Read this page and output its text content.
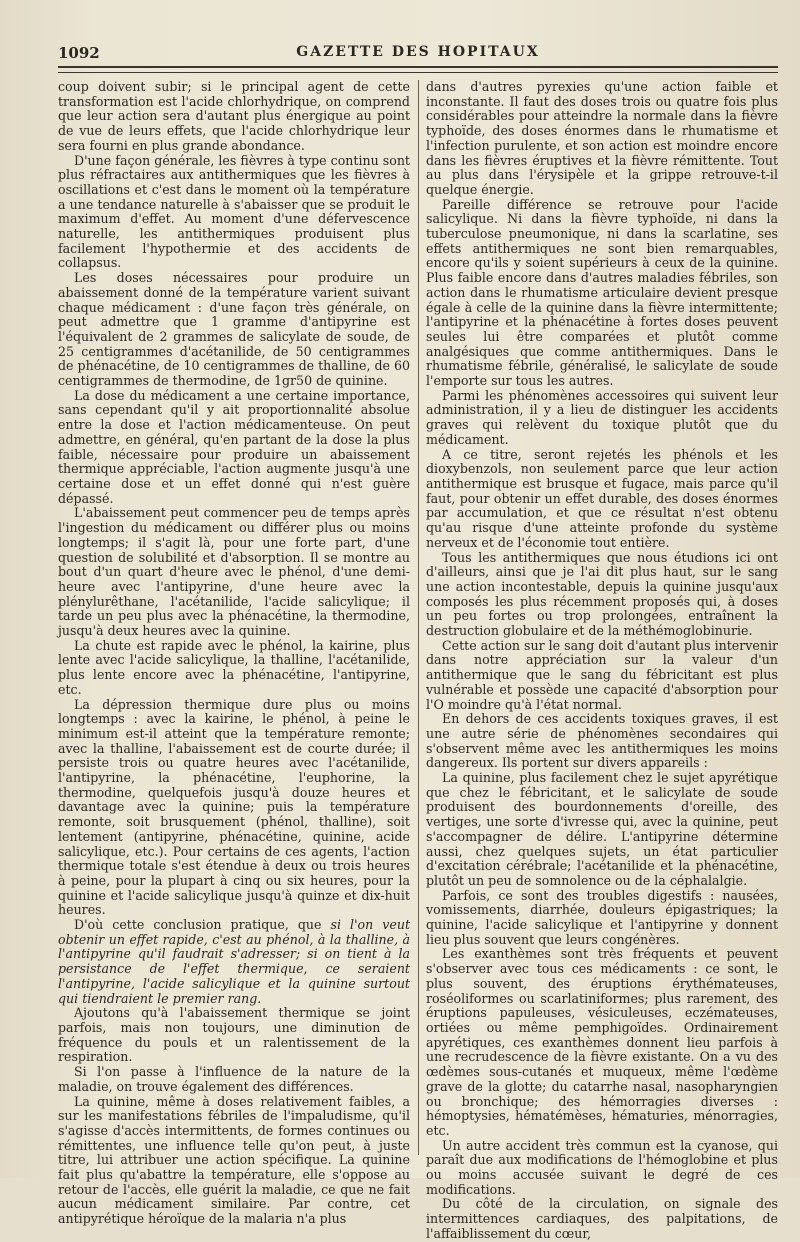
1092	GAZETTE DES HOPITAUX

coup doivent subir; si le principal agent de cette transformation est l'acide chlorhydrique, on comprend que leur action sera d'autant plus énergique au point de vue de leurs effets, que l'acide chlorhydrique leur sera fourni en plus grande abondance.

D'une façon générale, les fièvres à type continu sont plus réfractaires aux antithermiques que les fièvres à oscillations et c'est dans le moment où la température a une tendance naturelle à s'abaisser que se produit le maximum d'effet. Au moment d'une défervescence naturelle, les antithermiques produisent plus facilement l'hypothermie et des accidents de collapsus.

Les doses nécessaires pour produire un abaissement donné de la température varient suivant chaque médicament : d'une façon très générale, on peut admettre que 1 gramme d'antipyrine est l'équivalent de 2 grammes de salicylate de soude, de 25 centigrammes d'acétanilide, de 50 centigrammes de phénacétine, de 10 centigrammes de thalline, de 60 centigrammes de thermodine, de 1gr50 de quinine.

La dose du médicament a une certaine importance, sans cependant qu'il y ait proportionnalité absolue entre la dose et l'action médicamenteuse. On peut admettre, en général, qu'en partant de la dose la plus faible, nécessaire pour produire un abaissement thermique appréciable, l'action augmente jusqu'à une certaine dose et un effet donné qui n'est guère dépassé.

L'abaissement peut commencer peu de temps après l'ingestion du médicament ou différer plus ou moins longtemps; il s'agit là, pour une forte part, d'une question de solubilité et d'absorption. Il se montre au bout d'un quart d'heure avec le phénol, d'une demi-heure avec l'antipyrine, d'une heure avec la plénylurêthane, l'acétanilide, l'acide salicylique; il tarde un peu plus avec la phénacétine, la thermodine, jusqu'à deux heures avec la quinine.

La chute est rapide avec le phénol, la kairine, plus lente avec l'acide salicylique, la thalline, l'acétanilide, plus lente encore avec la phénacétine, l'antipyrine, etc.

La dépression thermique dure plus ou moins longtemps : avec la kairine, le phénol, à peine le minimum est-il atteint que la température remonte; avec la thalline, l'abaissement est de courte durée; il persiste trois ou quatre heures avec l'acétanilide, l'antipyrine, la phénacétine, l'euphorine, la thermodine, quelquefois jusqu'à douze heures et davantage avec la quinine; puis la température remonte, soit brusquement (phénol, thalline), soit lentement (antipyrine, phénacétine, quinine, acide salicylique, etc.). Pour certains de ces agents, l'action thermique totale s'est étendue à deux ou trois heures à peine, pour la plupart à cinq ou six heures, pour la quinine et l'acide salicylique jusqu'à quinze et dix-huit heures.

D'où cette conclusion pratique, que si l'on veut obtenir un effet rapide, c'est au phénol, à la thalline, à l'antipyrine qu'il faudrait s'adresser; si on tient à la persistance de l'effet thermique, ce seraient l'antipyrine, l'acide salicylique et la quinine surtout qui tiendraient le premier rang.

Ajoutons qu'à l'abaissement thermique se joint parfois, mais non toujours, une diminution de fréquence du pouls et un ralentissement de la respiration.

Si l'on passe à l'influence de la nature de la maladie, on trouve également des différences.

La quinine, même à doses relativement faibles, a sur les manifestations fébriles de l'impaludisme, qu'il s'agisse d'accès intermittents, de formes continues ou rémittentes, une influence telle qu'on peut, à juste titre, lui attribuer une action spécifique. La quinine fait plus qu'abattre la température, elle s'oppose au retour de l'accès, elle guérit la maladie, ce que ne fait aucun médicament similaire. Par contre, cet antipyrétique héroïque de la malaria n'a plus

dans d'autres pyrexies qu'une action faible et inconstante. Il faut des doses trois ou quatre fois plus considérables pour atteindre la normale dans la fièvre typhoïde, des doses énormes dans le rhumatisme et l'infection purulente, et son action est moindre encore dans les fièvres éruptives et la fièvre rémittente. Tout au plus dans l'érysipèle et la grippe retrouve-t-il quelque énergie.

Pareille différence se retrouve pour l'acide salicylique. Ni dans la fièvre typhoïde, ni dans la tuberculose pneumonique, ni dans la scarlatine, ses effets antithermiques ne sont bien remarquables, encore qu'ils y soient supérieurs à ceux de la quinine. Plus faible encore dans d'autres maladies fébriles, son action dans le rhumatisme articulaire devient presque égale à celle de la quinine dans la fièvre intermittente; l'antipyrine et la phénacétine à fortes doses peuvent seules lui être comparées et plutôt comme analgésiques que comme antithermiques. Dans le rhumatisme fébrile, généralisé, le salicylate de soude l'emporte sur tous les autres.

Parmi les phénomènes accessoires qui suivent leur administration, il y a lieu de distinguer les accidents graves qui relèvent du toxique plutôt que du médicament.

A ce titre, seront rejetés les phénols et les dioxybenzols, non seulement parce que leur action antithermique est brusque et fugace, mais parce qu'il faut, pour obtenir un effet durable, des doses énormes par accumulation, et que ce résultat n'est obtenu qu'au risque d'une atteinte profonde du système nerveux et de l'économie tout entière.

Tous les antithermiques que nous étudions ici ont d'ailleurs, ainsi que je l'ai dit plus haut, sur le sang une action incontestable, depuis la quinine jusqu'aux composés les plus récemment proposés qui, à doses un peu fortes ou trop prolongées, entraînent la destruction globulaire et de la méthémoglobinurie.

Cette action sur le sang doit d'autant plus intervenir dans notre appréciation sur la valeur d'un antithermique que le sang du fébricitant est plus vulnérable et possède une capacité d'absorption pour l'O moindre qu'à l'état normal.

En dehors de ces accidents toxiques graves, il est une autre série de phénomènes secondaires qui s'observent même avec les antithermiques les moins dangereux. Ils portent sur divers appareils :

La quinine, plus facilement chez le sujet apyrétique que chez le fébricitant, et le salicylate de soude produisent des bourdonnements d'oreille, des vertiges, une sorte d'ivresse qui, avec la quinine, peut s'accompagner de délire. L'antipyrine détermine aussi, chez quelques sujets, un état particulier d'excitation cérébrale; l'acétanilide et la phénacétine, plutôt un peu de somnolence ou de la céphalalgie.

Parfois, ce sont des troubles digestifs : nausées, vomissements, diarrhée, douleurs épigastriques; la quinine, l'acide salicylique et l'antipyrine y donnent lieu plus souvent que leurs congénères.

Les exanthèmes sont très fréquents et peuvent s'observer avec tous ces médicaments : ce sont, le plus souvent, des éruptions érythémateuses, roséoliformes ou scarlatiniformes; plus rarement, des éruptions papuleuses, vésiculeuses, eczémateuses, ortiées ou même pemphigoïdes. Ordinairement apyrétiques, ces exanthèmes donnent lieu parfois à une recrudescence de la fièvre existante. On a vu des œdèmes sous-cutanés et muqueux, même l'œdème grave de la glotte; du catarrhe nasal, nasopharyngien ou bronchique; des hémorragies diverses : hémoptysies, hématémèses, hématuries, ménorragies, etc.

Un autre accident très commun est la cyanose, qui paraît due aux modifications de l'hémoglobine et plus ou moins accusée suivant le degré de ces modifications.

Du côté de la circulation, on signale des intermittences cardiaques, des palpitations, de l'affaiblissement du cœur,
